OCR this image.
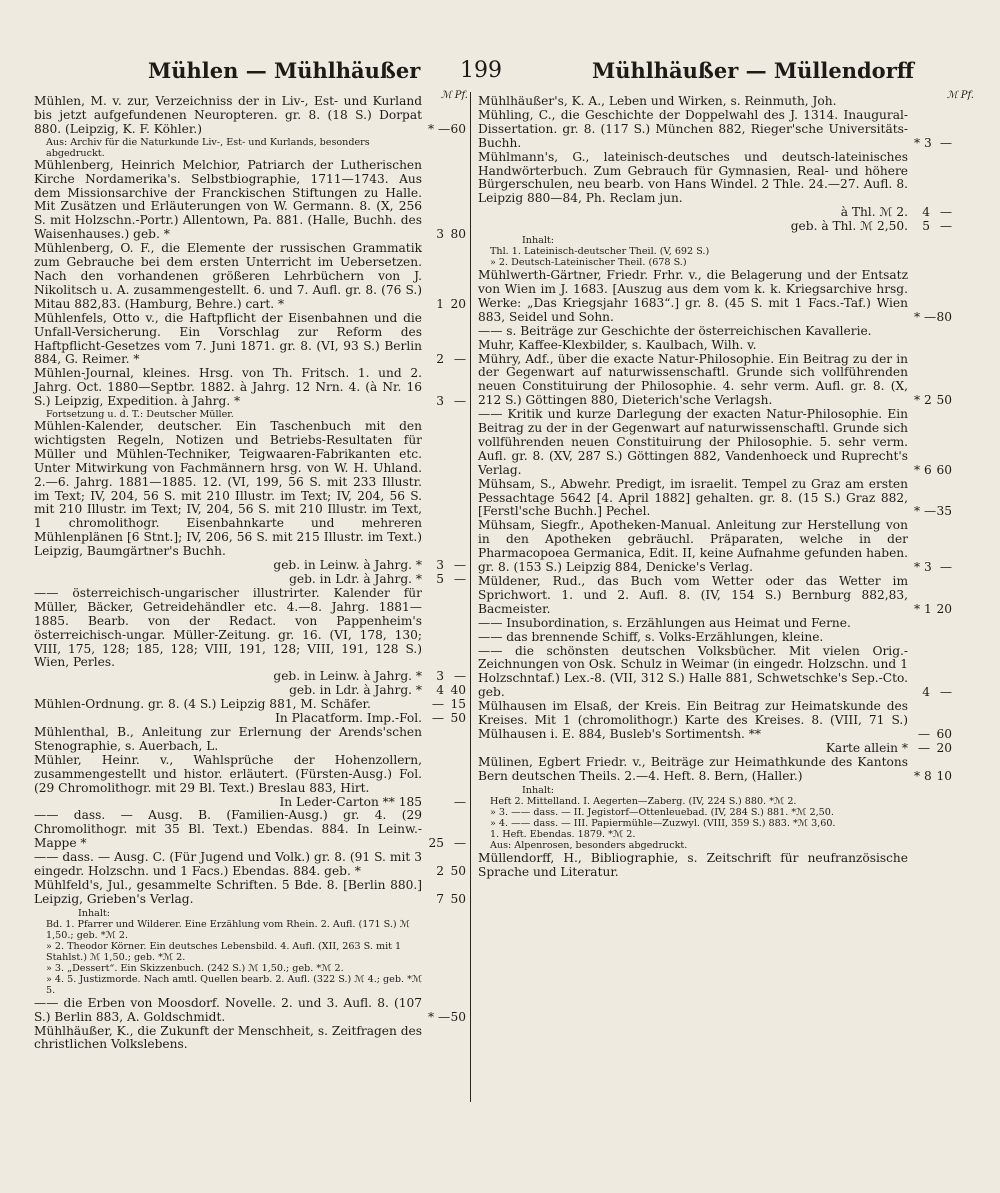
Mühlen — Mühlhäußer 199	Mühlhäußer — Müllendorff
ℳ Pf.
Mühlen, M. v. zur, Verzeichniss der in Liv-, Est- und Kurland bis jetzt aufgefundenen Neuropteren. gr. 8. (18 S.) Dorpat 880. (Leipzig, K. F. Köhler.)	* —60
Aus: Archiv für die Naturkunde Liv-, Est- und Kurlands, besonders abgedruckt.
Mühlenberg, Heinrich Melchior, Patriarch der Lutherischen Kirche Nordamerika's. Selbstbiographie, 1711—1743. Aus dem Missionsarchive der Franckischen Stiftungen zu Halle. Mit Zusätzen und Erläuterungen von W. Germann. 8. (X, 256 S. mit Holzschn.-Portr.) Allentown, Pa. 881. (Halle, Buchh. des Waisenhauses.) geb. *	3 80
Mühlenberg, O. F., die Elemente der russischen Grammatik zum Gebrauche bei dem ersten Unterricht im Uebersetzen. Nach den vorhandenen größeren Lehrbüchern von J. Nikolitsch u. A. zusammengestellt. 6. und 7. Aufl. gr. 8. (76 S.) Mitau 882,83. (Hamburg, Behre.) cart. *	1 20
Mühlenfels, Otto v., die Haftpflicht der Eisenbahnen und die Unfall-Versicherung. Ein Vorschlag zur Reform des Haftpflicht-Gesetzes vom 7. Juni 1871. gr. 8. (VI, 93 S.) Berlin 884, G. Reimer. *	2 —
Mühlen-Journal, kleines. Hrsg. von Th. Fritsch. 1. und 2. Jahrg. Oct. 1880—Septbr. 1882. à Jahrg. 12 Nrn. 4. (à Nr. 16 S.) Leipzig, Expedition. à Jahrg. *	3 —
Fortsetzung u. d. T.: Deutscher Müller.
Mühlen-Kalender, deutscher. Ein Taschenbuch mit den wichtigsten Regeln, Notizen und Betriebs-Resultaten für Müller und Mühlen-Techniker, Teigwaaren-Fabrikanten etc. Unter Mitwirkung von Fachmännern hrsg. von W. H. Uhland. 2.—6. Jahrg. 1881—1885. 12. (VI, 199, 56 S. mit 233 Illustr. im Text; IV, 204, 56 S. mit 210 Illustr. im Text; IV, 204, 56 S. mit 210 Illustr. im Text; IV, 204, 56 S. mit 210 Illustr. im Text, 1 chromolithogr. Eisenbahnkarte und mehreren Mühlenplänen [6 Stnt.]; IV, 206, 56 S. mit 215 Illustr. im Text.) Leipzig, Baumgärtner's Buchh.
geb. in Leinw. à Jahrg. *	3 —
geb. in Ldr. à Jahrg. *	5 —
—— österreichisch-ungarischer illustrirter. Kalender für Müller, Bäcker, Getreidehändler etc. 4.—8. Jahrg. 1881—1885. Bearb. von der Redact. von Pappenheim's österreichisch-ungar. Müller-Zeitung. gr. 16. (VI, 178, 130; VIII, 175, 128; 185, 128; VIII, 191, 128; VIII, 191, 128 S.) Wien, Perles.
geb. in Leinw. à Jahrg. *	3 —
geb. in Ldr. à Jahrg. *	4 40
Mühlen-Ordnung. gr. 8. (4 S.) Leipzig 881, M. Schäfer.	— 15
In Placatform. Imp.-Fol. — 50
Mühlenthal, B., Anleitung zur Erlernung der Arends'schen Stenographie, s. Auerbach, L.
Mühler, Heinr. v., Wahlsprüche der Hohenzollern, zusammengestellt und histor. erläutert. (Fürsten-Ausg.) Fol. (29 Chromolithogr. mit 29 Bl. Text.) Breslau 883, Hirt.
In Leder-Carton ** 185	—
—— dass. — Ausg. B. (Familien-Ausg.) gr. 4. (29 Chromolithogr. mit 35 Bl. Text.) Ebendas. 884. In Leinw.-Mappe *	25 —
—— dass. — Ausg. C. (Für Jugend und Volk.) gr. 8. (91 S. mit 3 eingedr. Holzschn. und 1 Facs.) Ebendas. 884. geb. *	2 50
Mühlfeld's, Jul., gesammelte Schriften. 5 Bde. 8. [Berlin 880.] Leipzig, Grieben's Verlag.	7 50
Inhalt:
Bd. 1. Pfarrer und Wilderer. Eine Erzählung vom Rhein. 2. Aufl. (171 S.) ℳ 1,50.; geb. *ℳ 2.
» 2. Theodor Körner. Ein deutsches Lebensbild. 4. Aufl. (XII, 263 S. mit 1 Stahlst.) ℳ 1,50.; geb. *ℳ 2.
» 3. „Dessert“. Ein Skizzenbuch. (242 S.) ℳ 1,50.; geb. *ℳ 2.
» 4. 5. Justizmorde. Nach amtl. Quellen bearb. 2. Aufl. (322 S.) ℳ 4.; geb. *ℳ 5.
—— die Erben von Moosdorf. Novelle. 2. und 3. Aufl. 8. (107 S.) Berlin 883, A. Goldschmidt.	* —50
Mühlhäußer, K., die Zukunft der Menschheit, s. Zeitfragen des christlichen Volkslebens.
ℳ Pf.
Mühlhäußer's, K. A., Leben und Wirken, s. Reinmuth, Joh.
Mühling, C., die Geschichte der Doppelwahl des J. 1314. Inaugural-Dissertation. gr. 8. (117 S.) München 882, Rieger'sche Universitäts-Buchh.	* 3 —
Mühlmann's, G., lateinisch-deutsches und deutsch-lateinisches Handwörterbuch. Zum Gebrauch für Gymnasien, Real- und höhere Bürgerschulen, neu bearb. von Hans Windel. 2 Thle. 24.—27. Aufl. 8. Leipzig 880—84, Ph. Reclam jun.
à Thl. ℳ 2.	4 —
geb. à Thl. ℳ 2,50.	5 —
Inhalt:
Thl. 1. Lateinisch-deutscher Theil. (V, 692 S.)
» 2. Deutsch-Lateinischer Theil. (678 S.)
Mühlwerth-Gärtner, Friedr. Frhr. v., die Belagerung und der Entsatz von Wien im J. 1683. [Auszug aus dem vom k. k. Kriegsarchive hrsg. Werke: „Das Kriegsjahr 1683“.] gr. 8. (45 S. mit 1 Facs.-Taf.) Wien 883, Seidel und Sohn.	* —80
—— s. Beiträge zur Geschichte der österreichischen Kavallerie.
Muhr, Kaffee-Klexbilder, s. Kaulbach, Wilh. v.
Mühry, Adf., über die exacte Natur-Philosophie. Ein Beitrag zu der in der Gegenwart auf naturwissenschaftl. Grunde sich vollführenden neuen Constituirung der Philosophie. 4. sehr verm. Aufl. gr. 8. (X, 212 S.) Göttingen 880, Dieterich'sche Verlagsh.	* 2 50
—— Kritik und kurze Darlegung der exacten Natur-Philosophie. Ein Beitrag zu der in der Gegenwart auf naturwissenschaftl. Grunde sich vollführenden neuen Constituirung der Philosophie. 5. sehr verm. Aufl. gr. 8. (XV, 287 S.) Göttingen 882, Vandenhoeck und Ruprecht's Verlag.	* 6 60
Mühsam, S., Abwehr. Predigt, im israelit. Tempel zu Graz am ersten Pessachtage 5642 [4. April 1882] gehalten. gr. 8. (15 S.) Graz 882, [Ferstl'sche Buchh.] Pechel.	* —35
Mühsam, Siegfr., Apotheken-Manual. Anleitung zur Herstellung von in den Apotheken gebräuchl. Präparaten, welche in der Pharmacopoea Germanica, Edit. II, keine Aufnahme gefunden haben. gr. 8. (153 S.) Leipzig 884, Denicke's Verlag.	* 3 —
Müldener, Rud., das Buch vom Wetter oder das Wetter im Sprichwort. 1. und 2. Aufl. 8. (IV, 154 S.) Bernburg 882,83, Bacmeister.	* 1 20
—— Insubordination, s. Erzählungen aus Heimat und Ferne.
—— das brennende Schiff, s. Volks-Erzählungen, kleine.
—— die schönsten deutschen Volksbücher. Mit vielen Orig.-Zeichnungen von Osk. Schulz in Weimar (in eingedr. Holzschn. und 1 Holzschntaf.) Lex.-8. (VII, 312 S.) Halle 881, Schwetschke's Sep.-Cto. geb.	4 —
Mülhausen im Elsaß, der Kreis. Ein Beitrag zur Heimatskunde des Kreises. Mit 1 (chromolithogr.) Karte des Kreises. 8. (VIII, 71 S.) Mülhausen i. E. 884, Busleb's Sortimentsh. **	— 60
Karte allein * — 20
Mülinen, Egbert Friedr. v., Beiträge zur Heimathkunde des Kantons Bern deutschen Theils. 2.—4. Heft. 8. Bern, (Haller.)	* 8 10
Inhalt:
Heft 2. Mittelland. I. Aegerten—Zaberg. (IV, 224 S.) 880. *ℳ 2.
» 3. —— dass. — II. Jegistorf—Ottenleuebad. (IV, 284 S.) 881. *ℳ 2,50.
» 4. —— dass. — III. Papiermühle—Zuzwyl. (VIII, 359 S.) 883. *ℳ 3,60.
1. Heft. Ebendas. 1879. *ℳ 2.
Aus: Alpenrosen, besonders abgedruckt.
Müllendorff, H., Bibliographie, s. Zeitschrift für neufranzösische Sprache und Literatur.
